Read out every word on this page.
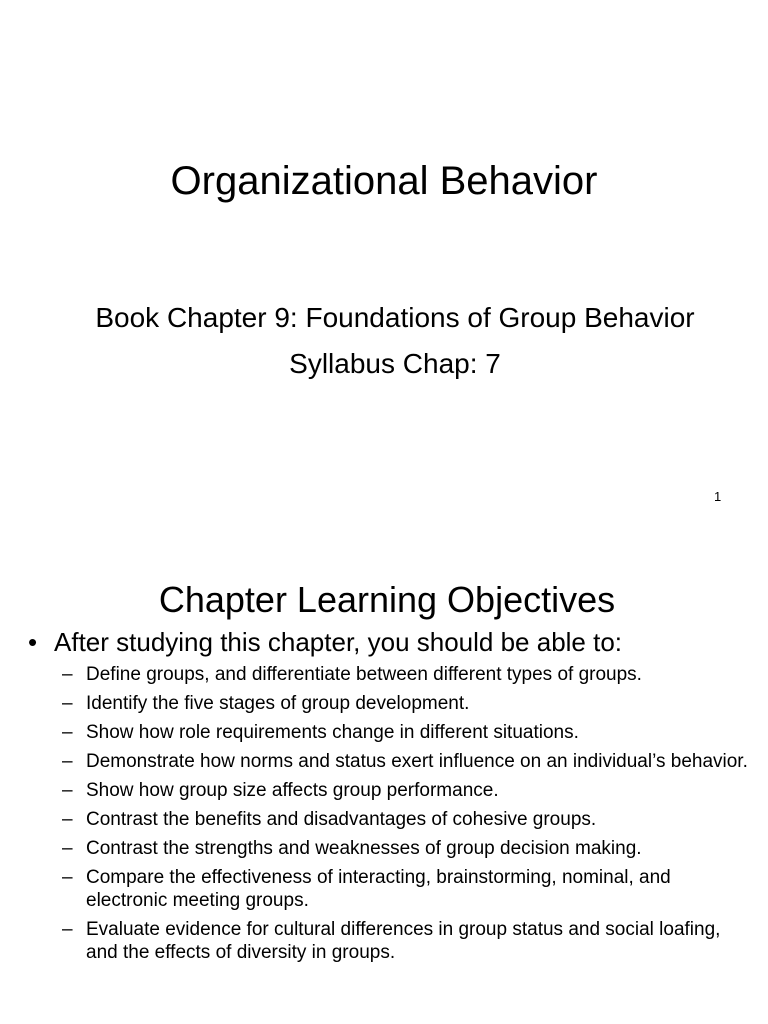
Organizational Behavior
Book Chapter 9: Foundations of Group Behavior
Syllabus Chap: 7
1
Chapter Learning Objectives
• After studying this chapter, you should be able to:
– Define groups, and differentiate between different types of groups.
– Identify the five stages of group development.
– Show how role requirements change in different situations.
– Demonstrate how norms and status exert influence on an individual’s behavior.
– Show how group size affects group performance.
– Contrast the benefits and disadvantages of cohesive groups.
– Contrast the strengths and weaknesses of group decision making.
– Compare the effectiveness of interacting, brainstorming, nominal, and electronic meeting groups.
– Evaluate evidence for cultural differences in group status and social loafing, and the effects of diversity in groups.
